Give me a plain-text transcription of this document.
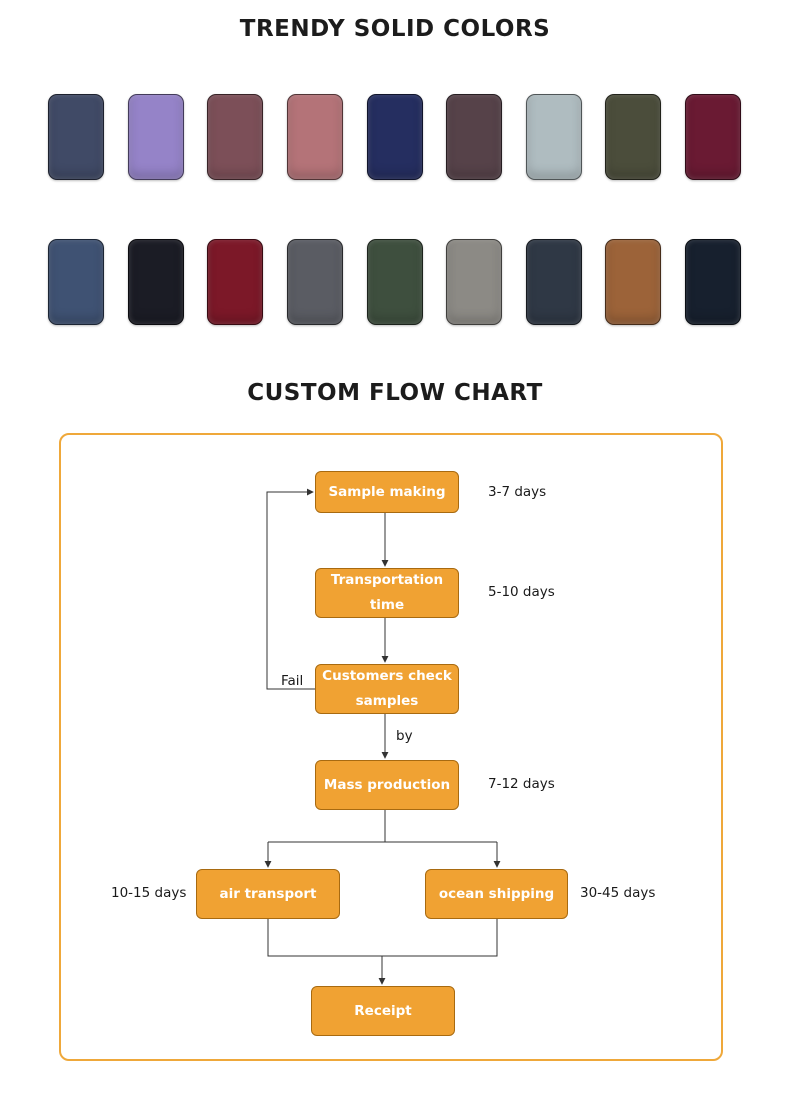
TRENDY SOLID COLORS
CUSTOM FLOW CHART
Sample making	3-7 days
Transportation
time
5-10 days
Customers check
samples
Fail
by
Mass production	7-12 days
air transport
10-15 days	ocean shipping 30-45 days
Receipt
